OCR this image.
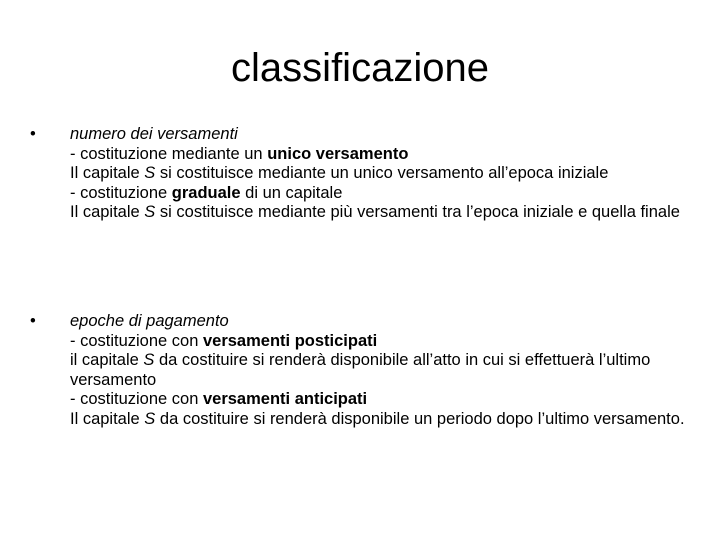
classificazione
•	numero dei versamenti
- costituzione mediante un unico versamento
Il capitale S si costituisce mediante un unico versamento all’epoca iniziale
- costituzione graduale di un capitale
Il capitale S si costituisce mediante più versamenti tra l’epoca iniziale e quella finale
•	epoche di pagamento
- costituzione con versamenti posticipati
il capitale S da costituire si renderà disponibile all’atto in cui si effettuerà l’ultimo versamento
- costituzione con versamenti anticipati
Il capitale S da costituire si renderà disponibile un periodo dopo l’ultimo versamento.
